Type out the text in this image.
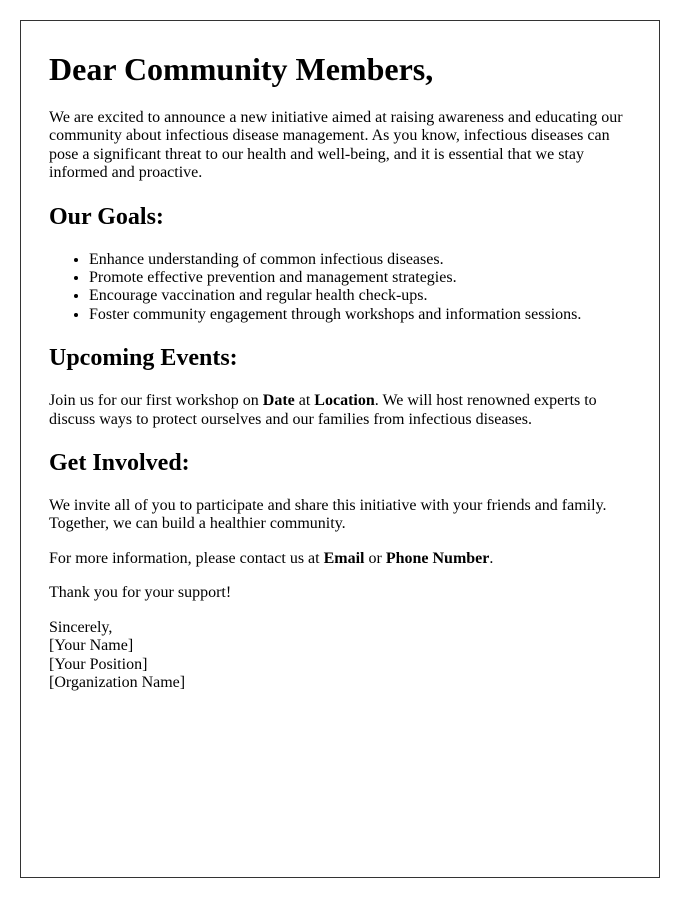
Dear Community Members,

We are excited to announce a new initiative aimed at raising awareness and educating our community about infectious disease management. As you know, infectious diseases can pose a significant threat to our health and well-being, and it is essential that we stay informed and proactive.

Our Goals:
• Enhance understanding of common infectious diseases.
• Promote effective prevention and management strategies.
• Encourage vaccination and regular health check-ups.
• Foster community engagement through workshops and information sessions.
Upcoming Events:

Join us for our first workshop on Date at Location. We will host renowned experts to discuss ways to protect ourselves and our families from infectious diseases.

Get Involved:

We invite all of you to participate and share this initiative with your friends and family. Together, we can build a healthier community.

For more information, please contact us at Email or Phone Number.

Thank you for your support!

Sincerely,
[Your Name]
[Your Position]
[Organization Name]
